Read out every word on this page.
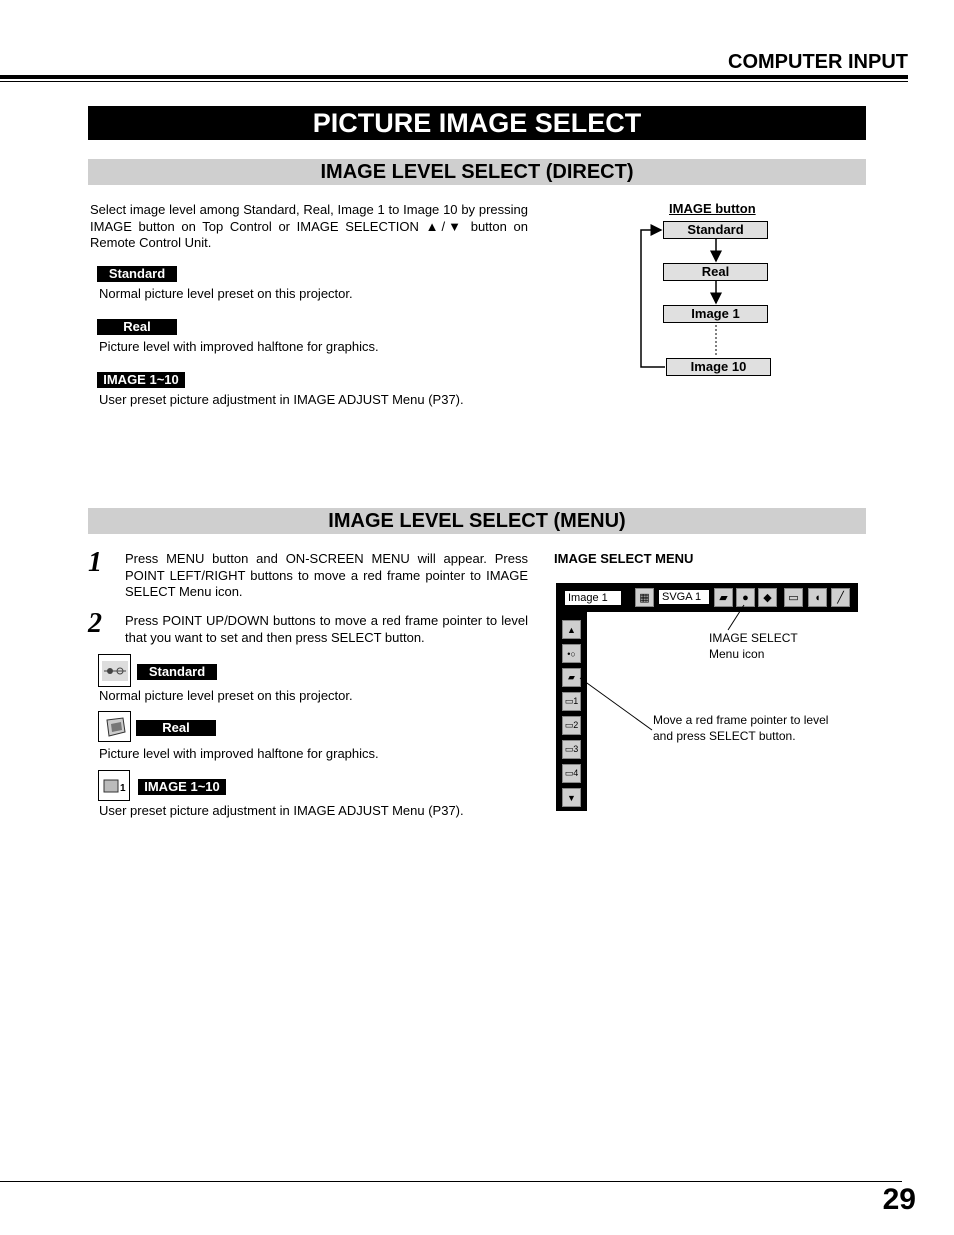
COMPUTER INPUT
PICTURE IMAGE SELECT
IMAGE LEVEL SELECT (DIRECT)
Select image level among Standard, Real, Image 1 to Image 10 by pressing IMAGE button on Top Control or IMAGE SELECTION ▲/▼ button on Remote Control Unit.
Standard
Normal picture level preset on this projector.
Real
Picture level with improved halftone for graphics.
IMAGE 1~10
User preset picture adjustment in IMAGE ADJUST Menu (P37).
IMAGE button
Standard
Real
Image 1
Image 10
IMAGE LEVEL SELECT (MENU)
1 Press MENU button and ON-SCREEN MENU will appear. Press POINT LEFT/RIGHT buttons to move a red frame pointer to IMAGE SELECT Menu icon.
2 Press POINT UP/DOWN buttons to move a red frame pointer to level that you want to set and then press SELECT button.
Standard
Normal picture level preset on this projector.
Real
Picture level with improved halftone for graphics.
1	IMAGE 1~10
User preset picture adjustment in IMAGE ADJUST Menu (P37).
IMAGE SELECT MENU
Image 1	▦	SVGA 1	▰	●	◆	▭	◖	╱
▲
•○
▰
▭1
▭2
▭3
▭4
▼
IMAGE SELECT
Menu icon
Move a red frame pointer to level
and press SELECT button.
29
